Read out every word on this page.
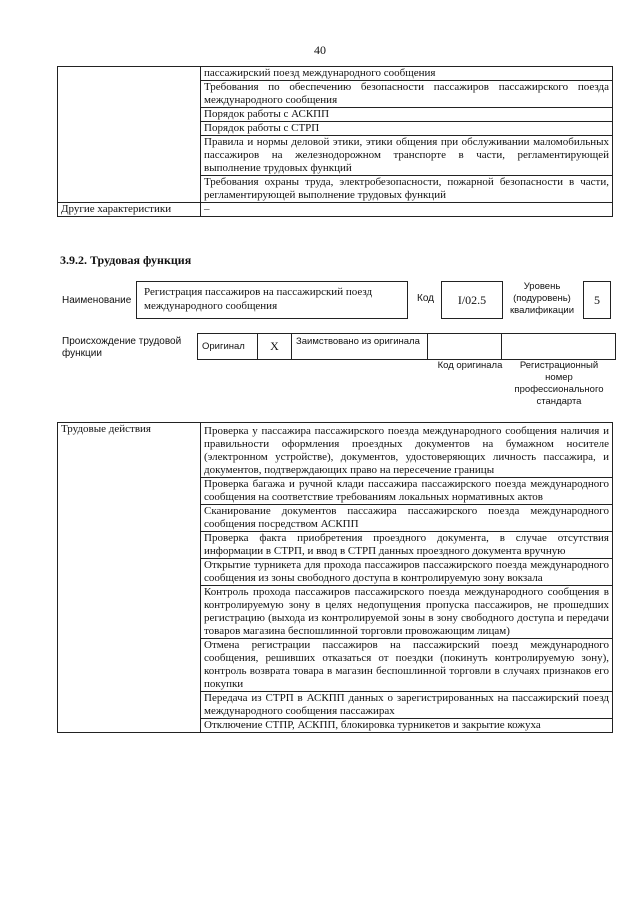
40
	пассажирский поезд международного сообщения
	Требования по обеспечению безопасности пассажиров пассажирского поезда международного сообщения
	Порядок работы с АСКПП
	Порядок работы с СТРП
	Правила и нормы деловой этики, этики общения при обслуживании маломобильных пассажиров на железнодорожном транспорте в части, регламентирующей выполнение трудовых функций
	Требования охраны труда, электробезопасности, пожарной безопасности в части, регламентирующей выполнение трудовых функций
Другие характеристики	–
3.9.2. Трудовая функция
Наименование
Регистрация пассажиров на пассажирский поезд международного сообщения
Код	I/02.5
Уровень (подуровень) квалификации
5
Происхождение трудовой функции
Оригинал	X	Заимствовано из оригинала		
Код оригинала	Регистрационный номер профессионального стандарта
Трудовые действия	Проверка у пассажира пассажирского поезда международного сообщения наличия и правильности оформления проездных документов на бумажном носителе (электронном устройстве), документов, удостоверяющих личность пассажира, и документов, подтверждающих право на пересечение границы
Проверка багажа и ручной клади пассажира пассажирского поезда международного сообщения на соответствие требованиям локальных нормативных актов
Сканирование документов пассажира пассажирского поезда международного сообщения посредством АСКПП
Проверка факта приобретения проездного документа, в случае отсутствия информации в СТРП, и ввод в СТРП данных проездного документа вручную
Открытие турникета для прохода пассажиров пассажирского поезда международного сообщения из зоны свободного доступа в контролируемую зону вокзала
Контроль прохода пассажиров пассажирского поезда международного сообщения в контролируемую зону в целях недопущения пропуска пассажиров, не прошедших регистрацию (выхода из контролируемой зоны в зону свободного доступа и передачи товаров магазина беспошлинной торговли провожающим лицам)
Отмена регистрации пассажиров на пассажирский поезд международного сообщения, решивших отказаться от поездки (покинуть контролируемую зону), контроль возврата товара в магазин беспошлинной торговли в случаях признаков его покупки
Передача из СТРП в АСКПП данных о зарегистрированных на пассажирский поезд международного сообщения пассажирах
Отключение СТПР, АСКПП, блокировка турникетов и закрытие кожуха
